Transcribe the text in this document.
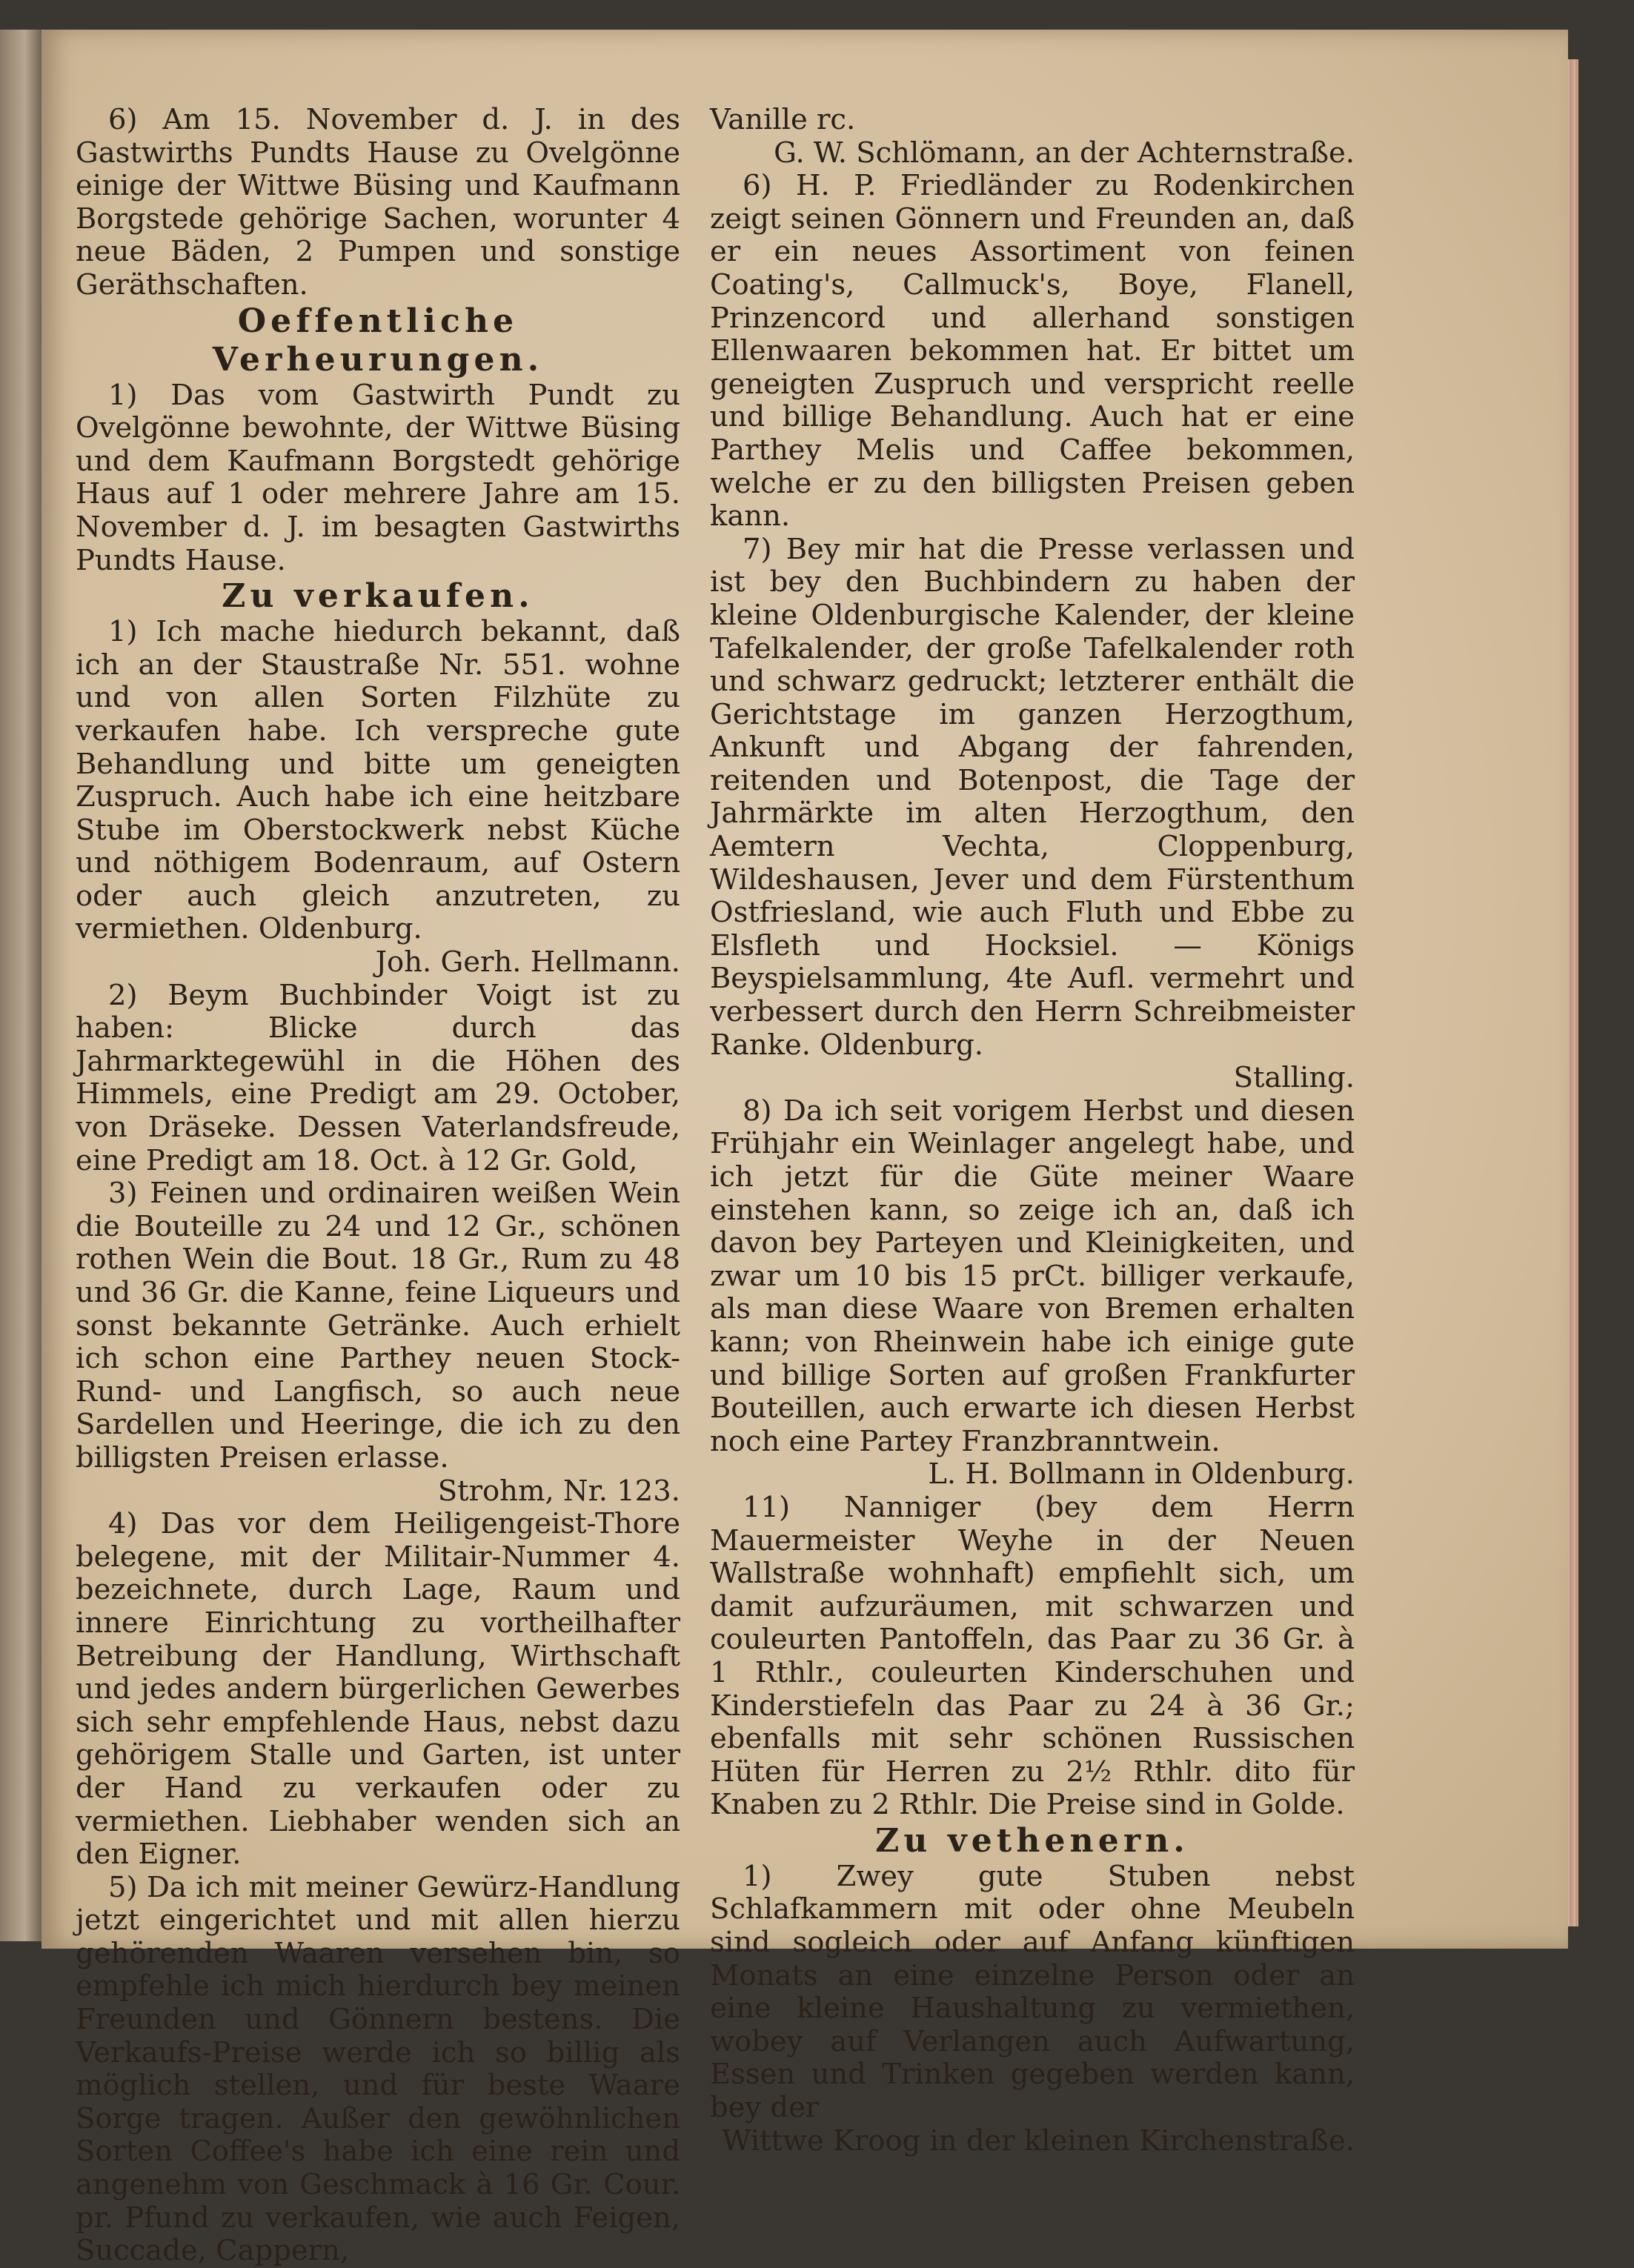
6) Am 15. November d. J. in des Gastwirths Pundts Hause zu Ovelgönne einige der Wittwe Büsing und Kaufmann Borgstede gehörige Sachen, worunter 4 neue Bäden, 2 Pumpen und sonstige Geräthschaften.

Oeffentliche Verheurungen.

1) Das vom Gastwirth Pundt zu Ovelgönne bewohnte, der Wittwe Büsing und dem Kaufmann Borgstedt gehörige Haus auf 1 oder mehrere Jahre am 15. November d. J. im besagten Gastwirths Pundts Hause.

Zu verkaufen.

1) Ich mache hiedurch bekannt, daß ich an der Staustraße Nr. 551. wohne und von allen Sorten Filzhüte zu verkaufen habe. Ich verspreche gute Behandlung und bitte um geneigten Zuspruch. Auch habe ich eine heitzbare Stube im Oberstockwerk nebst Küche und nöthigem Bodenraum, auf Ostern oder auch gleich anzutreten, zu vermiethen. Oldenburg.

Joh. Gerh. Hellmann.

2) Beym Buchbinder Voigt ist zu haben: Blicke durch das Jahrmarktegewühl in die Höhen des Himmels, eine Predigt am 29. October, von Dräseke. Dessen Vaterlandsfreude, eine Predigt am 18. Oct. à 12 Gr. Gold,

3) Feinen und ordinairen weißen Wein die Bouteille zu 24 und 12 Gr., schönen rothen Wein die Bout. 18 Gr., Rum zu 48 und 36 Gr. die Kanne, feine Liqueurs und sonst bekannte Getränke. Auch erhielt ich schon eine Parthey neuen Stock-Rund- und Langfisch, so auch neue Sardellen und Heeringe, die ich zu den billigsten Preisen erlasse.

Strohm, Nr. 123.

4) Das vor dem Heiligengeist-Thore belegene, mit der Militair-Nummer 4. bezeichnete, durch Lage, Raum und innere Einrichtung zu vortheilhafter Betreibung der Handlung, Wirthschaft und jedes andern bürgerlichen Gewerbes sich sehr empfehlende Haus, nebst dazu gehörigem Stalle und Garten, ist unter der Hand zu verkaufen oder zu vermiethen. Liebhaber wenden sich an den Eigner.

5) Da ich mit meiner Gewürz-Handlung jetzt eingerichtet und mit allen hierzu gehörenden Waaren versehen bin, so empfehle ich mich hierdurch bey meinen Freunden und Gönnern bestens. Die Verkaufs-Preise werde ich so billig als möglich stellen, und für beste Waare Sorge tragen. Außer den gewöhnlichen Sorten Coffee's habe ich eine rein und angenehm von Geschmack à 16 Gr. Cour. pr. Pfund zu verkaufen, wie auch Feigen, Succade, Cappern,

Vanille rc.

G. W. Schlömann, an der Achternstraße.

6) H. P. Friedländer zu Rodenkirchen zeigt seinen Gönnern und Freunden an, daß er ein neues Assortiment von feinen Coating's, Callmuck's, Boye, Flanell, Prinzencord und allerhand sonstigen Ellenwaaren bekommen hat. Er bittet um geneigten Zuspruch und verspricht reelle und billige Behandlung. Auch hat er eine Parthey Melis und Caffee bekommen, welche er zu den billigsten Preisen geben kann.

7) Bey mir hat die Presse verlassen und ist bey den Buchbindern zu haben der kleine Oldenburgische Kalender, der kleine Tafelkalender, der große Tafelkalender roth und schwarz gedruckt; letzterer enthält die Gerichtstage im ganzen Herzogthum, Ankunft und Abgang der fahrenden, reitenden und Botenpost, die Tage der Jahrmärkte im alten Herzogthum, den Aemtern Vechta, Cloppenburg, Wildeshausen, Jever und dem Fürstenthum Ostfriesland, wie auch Fluth und Ebbe zu Elsfleth und Hocksiel. — Königs Beyspielsammlung, 4te Aufl. vermehrt und verbessert durch den Herrn Schreibmeister Ranke. Oldenburg.

Stalling.

8) Da ich seit vorigem Herbst und diesen Frühjahr ein Weinlager angelegt habe, und ich jetzt für die Güte meiner Waare einstehen kann, so zeige ich an, daß ich davon bey Parteyen und Kleinigkeiten, und zwar um 10 bis 15 prCt. billiger verkaufe, als man diese Waare von Bremen erhalten kann; von Rheinwein habe ich einige gute und billige Sorten auf großen Frankfurter Bouteillen, auch erwarte ich diesen Herbst noch eine Partey Franzbranntwein.

L. H. Bollmann in Oldenburg.

11) Nanniger (bey dem Herrn Mauermeister Weyhe in der Neuen Wallstraße wohnhaft) empfiehlt sich, um damit aufzuräumen, mit schwarzen und couleurten Pantoffeln, das Paar zu 36 Gr. à 1 Rthlr., couleurten Kinderschuhen und Kinderstiefeln das Paar zu 24 à 36 Gr.; ebenfalls mit sehr schönen Russischen Hüten für Herren zu 2½ Rthlr. dito für Knaben zu 2 Rthlr. Die Preise sind in Golde.

Zu vethenern.

1) Zwey gute Stuben nebst Schlafkammern mit oder ohne Meubeln sind sogleich oder auf Anfang künftigen Monats an eine einzelne Person oder an eine kleine Haushaltung zu vermiethen, wobey auf Verlangen auch Aufwartung, Essen und Trinken gegeben werden kann, bey der

Wittwe Kroog in der kleinen Kirchenstraße.
